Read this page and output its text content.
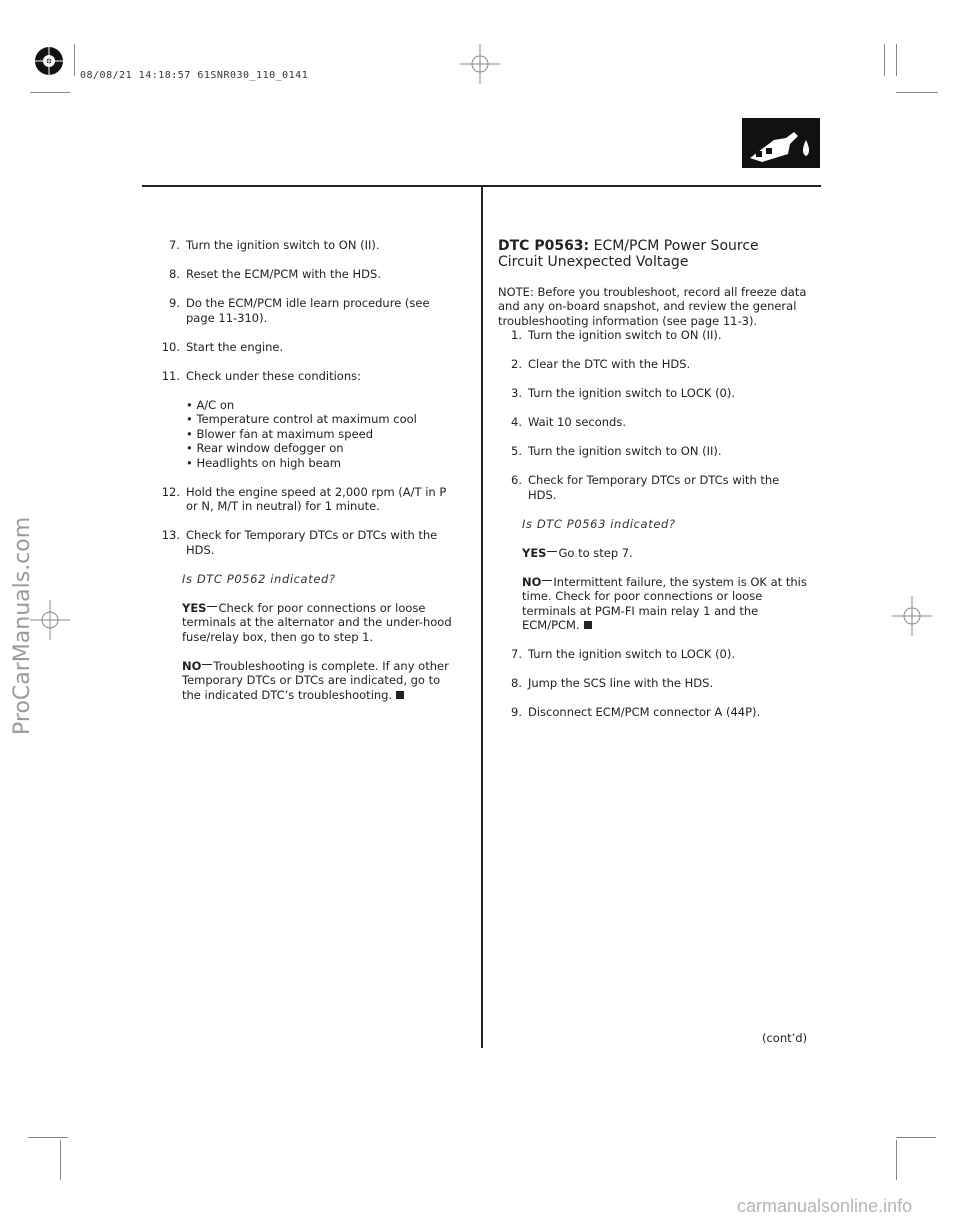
08/08/21 14:18:57 61SNR030_110_0141
7. Turn the ignition switch to ON (II).
8. Reset the ECM/PCM with the HDS.
9. Do the ECM/PCM idle learn procedure (see page 11-310).
10. Start the engine.
11. Check under these conditions:
• A/C on
• Temperature control at maximum cool
• Blower fan at maximum speed
• Rear window defogger on
• Headlights on high beam
12. Hold the engine speed at 2,000 rpm (A/T in P or N, M/T in neutral) for 1 minute.
13. Check for Temporary DTCs or DTCs with the HDS.
Is DTC P0562 indicated?
YES Check for poor connections or loose terminals at the alternator and the under-hood fuse/relay box, then go to step 1.
NO Troubleshooting is complete. If any other Temporary DTCs or DTCs are indicated, go to the indicated DTC’s troubleshooting.
DTC P0563: ECM/PCM Power Source Circuit Unexpected Voltage
NOTE: Before you troubleshoot, record all freeze data and any on-board snapshot, and review the general troubleshooting information (see page 11-3).
1. Turn the ignition switch to ON (II).
2. Clear the DTC with the HDS.
3. Turn the ignition switch to LOCK (0).
4. Wait 10 seconds.
5. Turn the ignition switch to ON (II).
6. Check for Temporary DTCs or DTCs with the HDS.
Is DTC P0563 indicated?
YES Go to step 7.
NO Intermittent failure, the system is OK at this time. Check for poor connections or loose terminals at PGM-FI main relay 1 and the ECM/PCM.
7. Turn the ignition switch to LOCK (0).
8. Jump the SCS line with the HDS.
9. Disconnect ECM/PCM connector A (44P).
(cont’d)
ProCarManuals.com
carmanualsonline.info
